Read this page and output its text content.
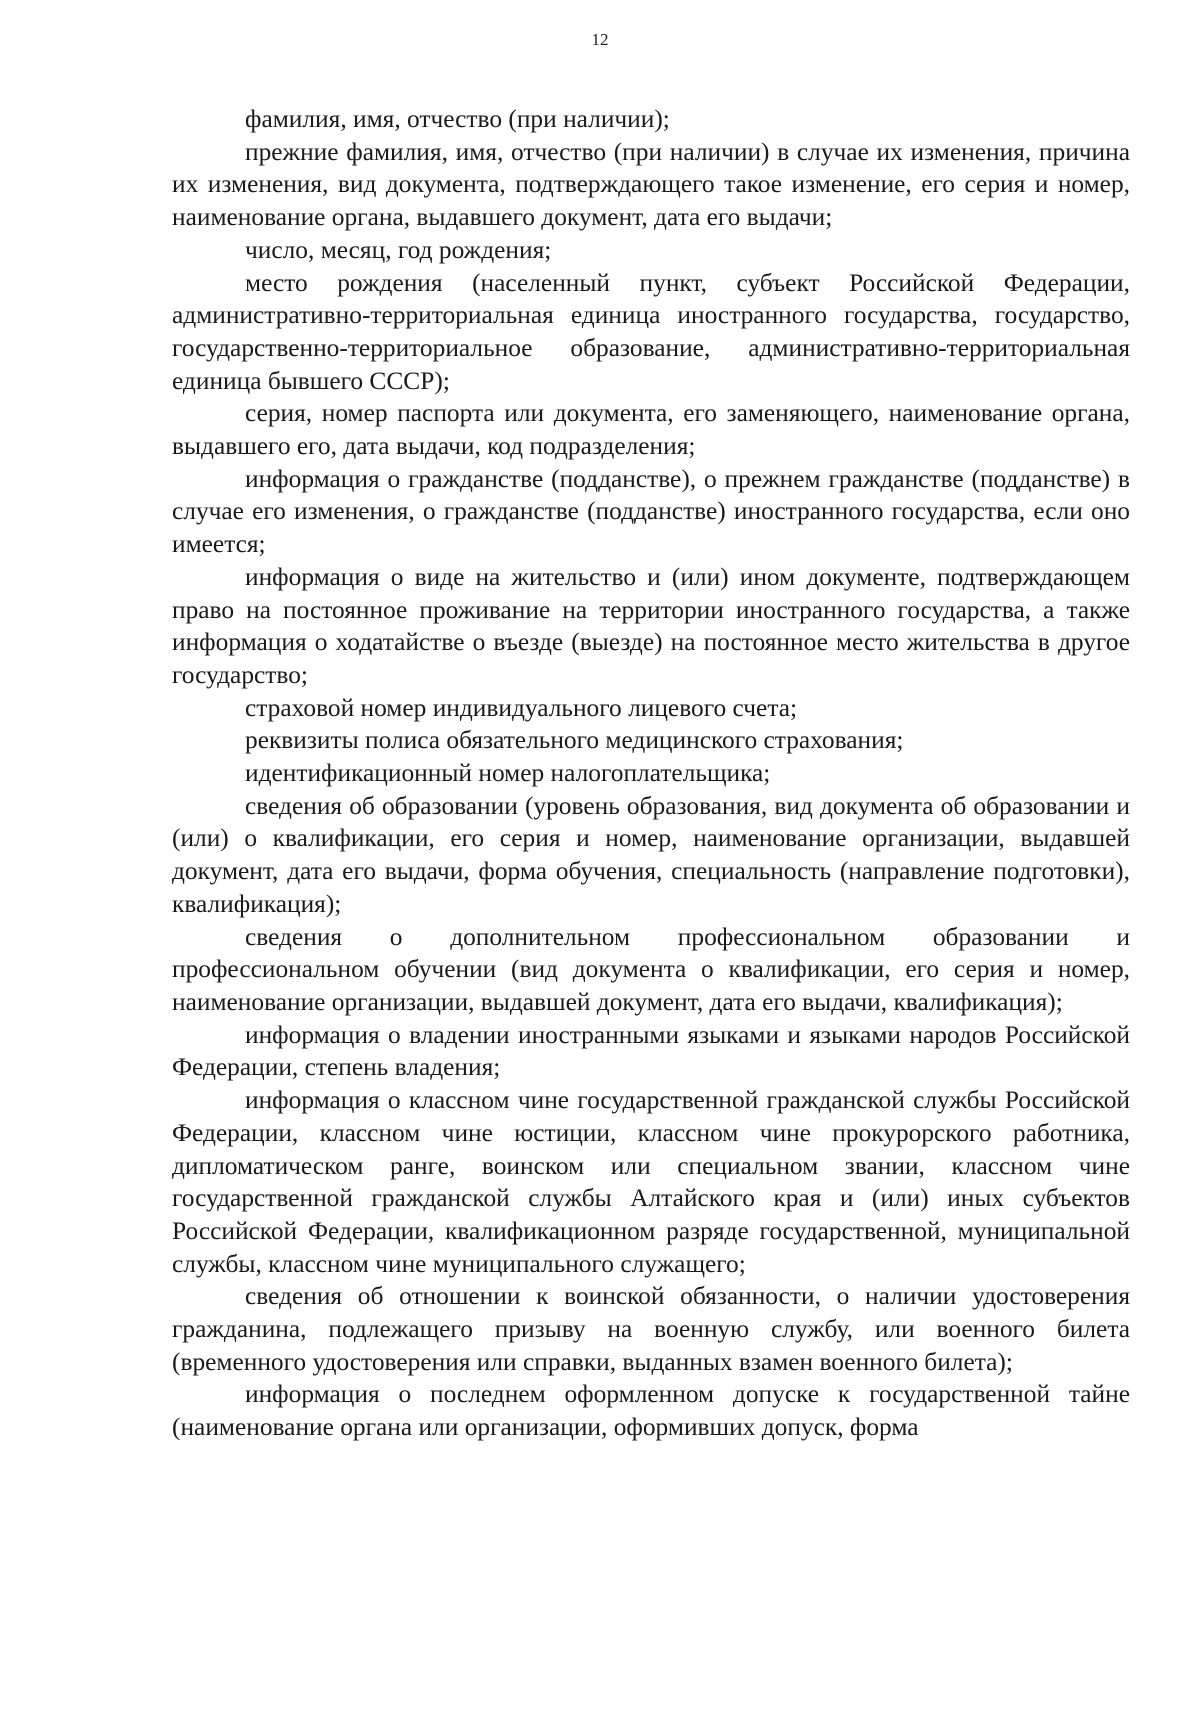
12

фамилия, имя, отчество (при наличии);

прежние фамилия, имя, отчество (при наличии) в случае их изменения, причина их изменения, вид документа, подтверждающего такое изменение, его серия и номер, наименование органа, выдавшего документ, дата его выдачи;

число, месяц, год рождения;

место рождения (населенный пункт, субъект Российской Федерации, административно-территориальная единица иностранного государства, государство, государственно-территориальное образование, административно-территориальная единица бывшего СССР);

серия, номер паспорта или документа, его заменяющего, наименование органа, выдавшего его, дата выдачи, код подразделения;

информация о гражданстве (подданстве), о прежнем гражданстве (подданстве) в случае его изменения, о гражданстве (подданстве) иностранного государства, если оно имеется;

информация о виде на жительство и (или) ином документе, подтверждающем право на постоянное проживание на территории иностранного государства, а также информация о ходатайстве о въезде (выезде) на постоянное место жительства в другое государство;

страховой номер индивидуального лицевого счета;

реквизиты полиса обязательного медицинского страхования;

идентификационный номер налогоплательщика;

сведения об образовании (уровень образования, вид документа об образовании и (или) о квалификации, его серия и номер, наименование организации, выдавшей документ, дата его выдачи, форма обучения, специальность (направление подготовки), квалификация);

сведения о дополнительном профессиональном образовании и профессиональном обучении (вид документа о квалификации, его серия и номер, наименование организации, выдавшей документ, дата его выдачи, квалификация);

информация о владении иностранными языками и языками народов Российской Федерации, степень владения;

информация о классном чине государственной гражданской службы Российской Федерации, классном чине юстиции, классном чине прокурорского работника, дипломатическом ранге, воинском или специальном звании, классном чине государственной гражданской службы Алтайского края и (или) иных субъектов Российской Федерации, квалификационном разряде государственной, муниципальной службы, классном чине муниципального служащего;

сведения об отношении к воинской обязанности, о наличии удостоверения гражданина, подлежащего призыву на военную службу, или военного билета (временного удостоверения или справки, выданных взамен военного билета);

информация о последнем оформленном допуске к государственной тайне (наименование органа или организации, оформивших допуск, форма
